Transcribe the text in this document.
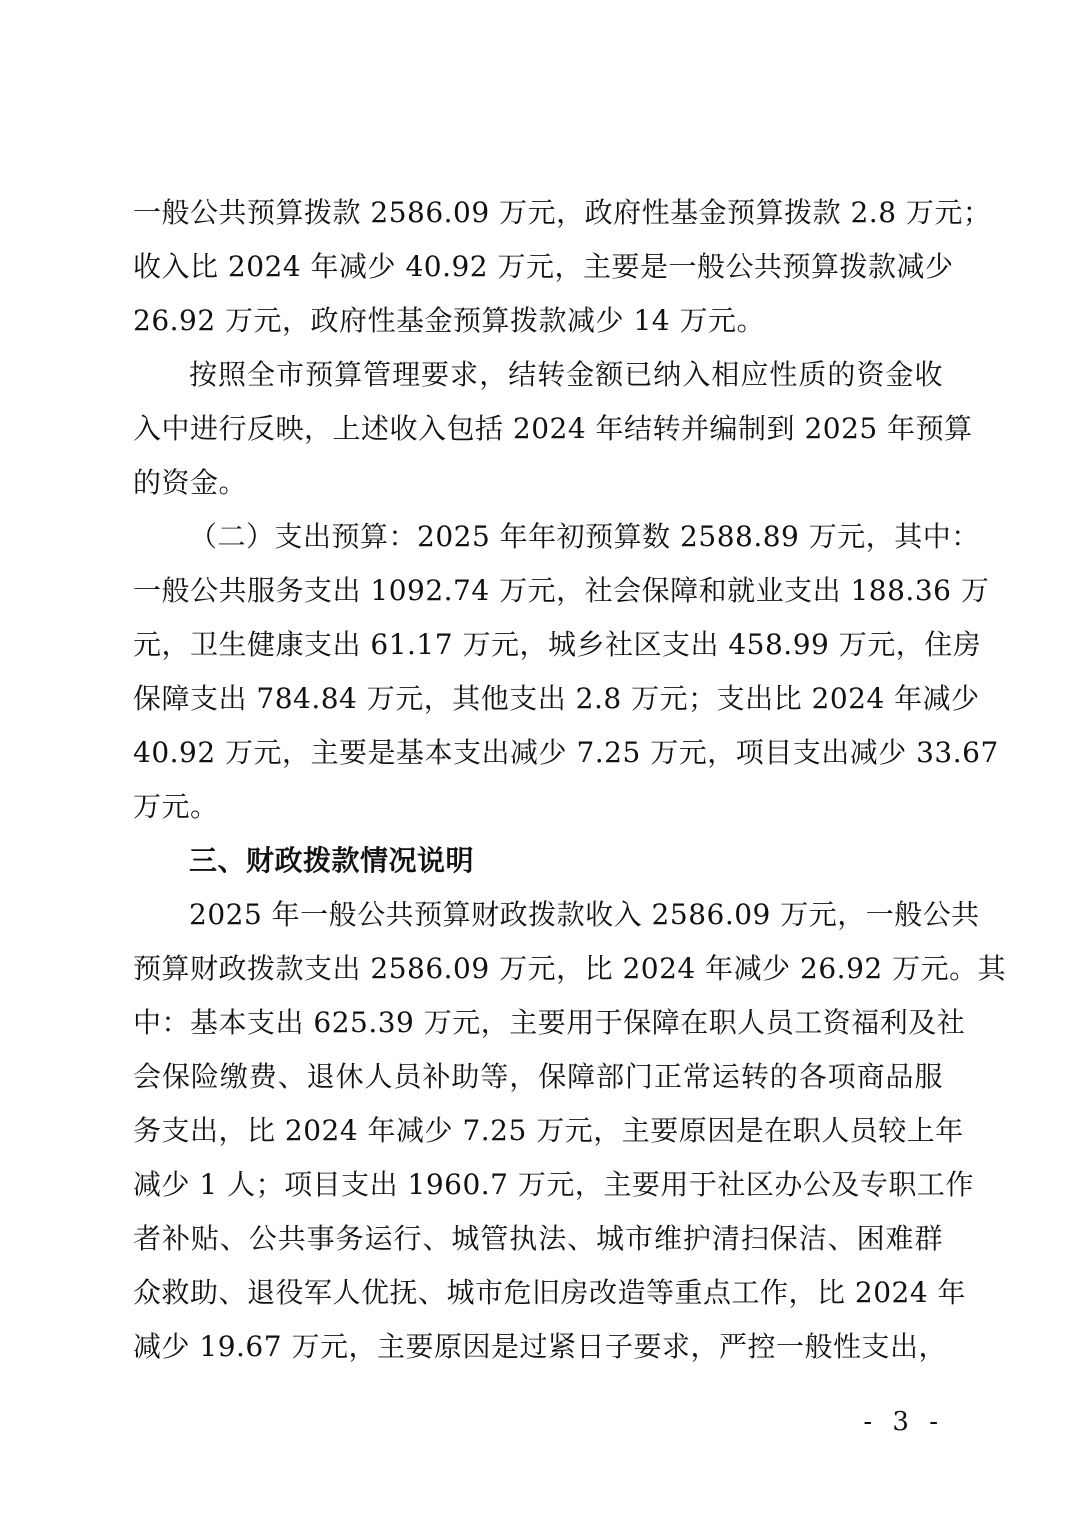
一般公共预算拨款 2586.09 万元，政府性基金预算拨款 2.8 万元；
收入比 2024 年减少 40.92 万元，主要是一般公共预算拨款减少
26.92 万元，政府性基金预算拨款减少 14 万元。
按照全市预算管理要求，结转金额已纳入相应性质的资金收
入中进行反映，上述收入包括 2024 年结转并编制到 2025 年预算
的资金。
（二）支出预算：2025 年年初预算数 2588.89 万元，其中：
一般公共服务支出 1092.74 万元，社会保障和就业支出 188.36 万
元，卫生健康支出 61.17 万元，城乡社区支出 458.99 万元，住房
保障支出 784.84 万元，其他支出 2.8 万元；支出比 2024 年减少
40.92 万元，主要是基本支出减少 7.25 万元，项目支出减少 33.67
万元。
三、财政拨款情况说明
2025 年一般公共预算财政拨款收入 2586.09 万元，一般公共
预算财政拨款支出 2586.09 万元，比 2024 年减少 26.92 万元。其
中：基本支出 625.39 万元，主要用于保障在职人员工资福利及社
会保险缴费、退休人员补助等，保障部门正常运转的各项商品服
务支出，比 2024 年减少 7.25 万元，主要原因是在职人员较上年
减少 1 人；项目支出 1960.7 万元，主要用于社区办公及专职工作
者补贴、公共事务运行、城管执法、城市维护清扫保洁、困难群
众救助、退役军人优抚、城市危旧房改造等重点工作，比 2024 年
减少 19.67 万元，主要原因是过紧日子要求，严控一般性支出，
- 3 -
